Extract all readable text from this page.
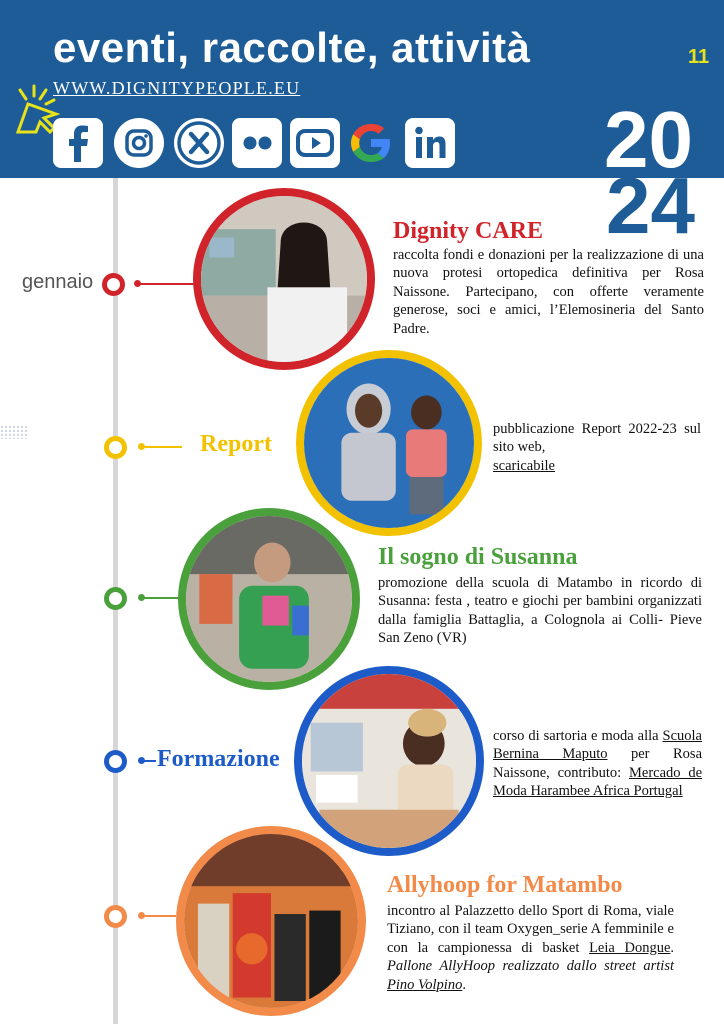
eventi, raccolte, attività	11
WWW.DIGNITYPEOPLE.EU
20
24
gennaio
Dignity CARE
raccolta fondi e donazioni per la realizzazione di una nuova protesi ortopedica definitiva per Rosa Naissone. Partecipano, con offerte veramente generose, soci e amici, l’Elemosineria del Santo Padre.
Report
pubblicazione Report 2022-23 sul sito web,
scaricabile
Il sogno di Susanna
promozione della scuola di Matambo in ricordo di Susanna: festa , teatro e giochi per bambini organizzati dalla famiglia Battaglia, a Colognola ai Colli- Pieve San Zeno (VR)
Formazione
corso di sartoria e moda alla Scuola Bernina Maputo per Rosa Naissone, contributo: Mercado de Moda Harambee Africa Portugal
Allyhoop for Matambo
incontro al Palazzetto dello Sport di Roma, viale Tiziano, con il team Oxygen_serie A femminile e con la campionessa di basket Leia Dongue. Pallone AllyHoop realizzato dallo street artist Pino Volpino.
